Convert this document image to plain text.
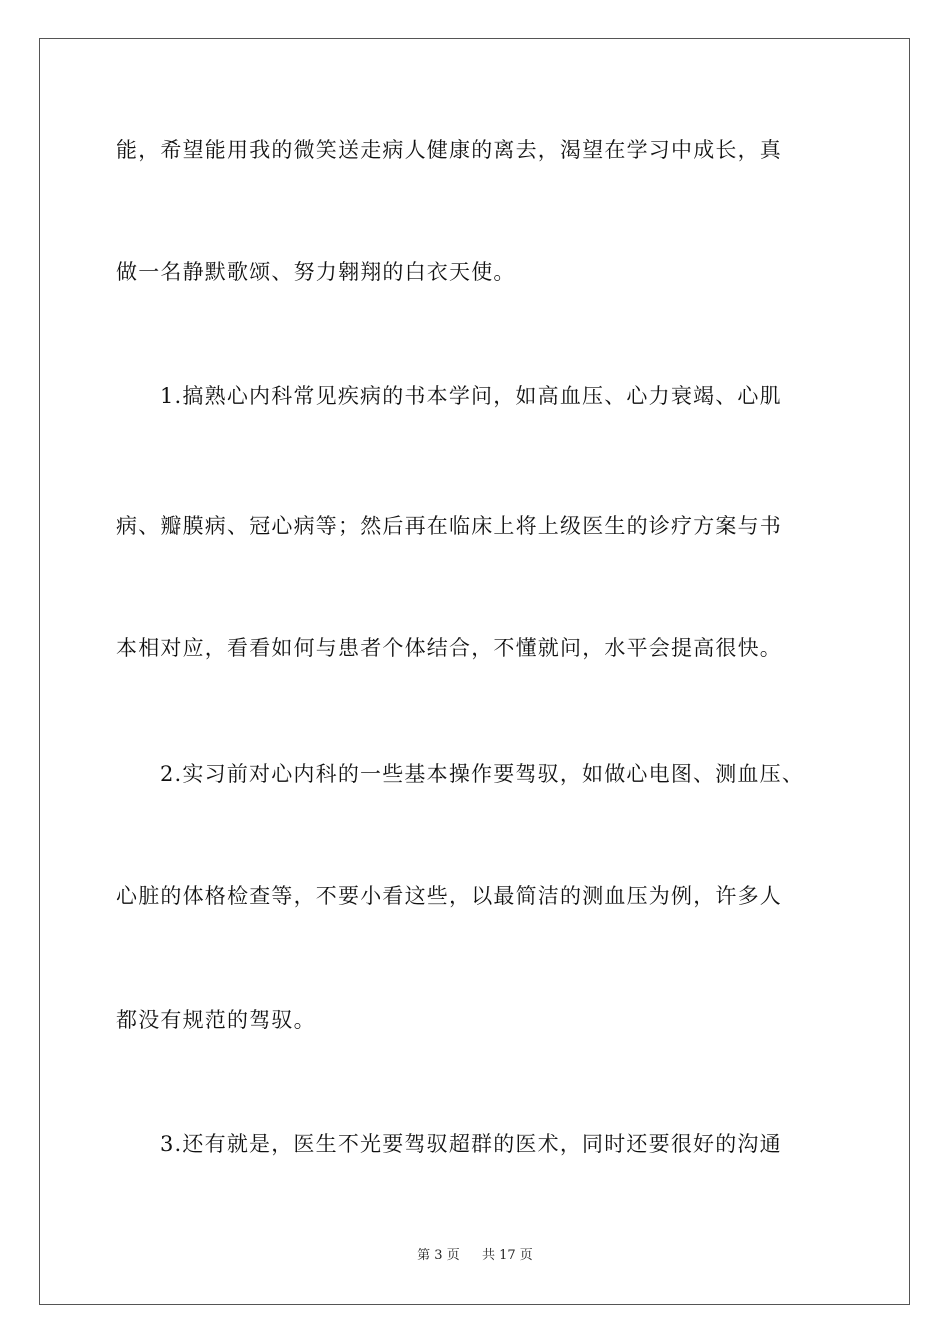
能，希望能用我的微笑送走病人健康的离去，渴望在学习中成长，真
做一名静默歌颂、努力翱翔的白衣天使。
1.搞熟心内科常见疾病的书本学问，如高血压、心力衰竭、心肌
病、瓣膜病、冠心病等；然后再在临床上将上级医生的诊疗方案与书
本相对应，看看如何与患者个体结合，不懂就问，水平会提高很快。
2.实习前对心内科的一些基本操作要驾驭，如做心电图、测血压、
心脏的体格检查等，不要小看这些，以最简洁的测血压为例，许多人
都没有规范的驾驭。
3.还有就是，医生不光要驾驭超群的医术，同时还要很好的沟通
第 3 页 共 17 页
